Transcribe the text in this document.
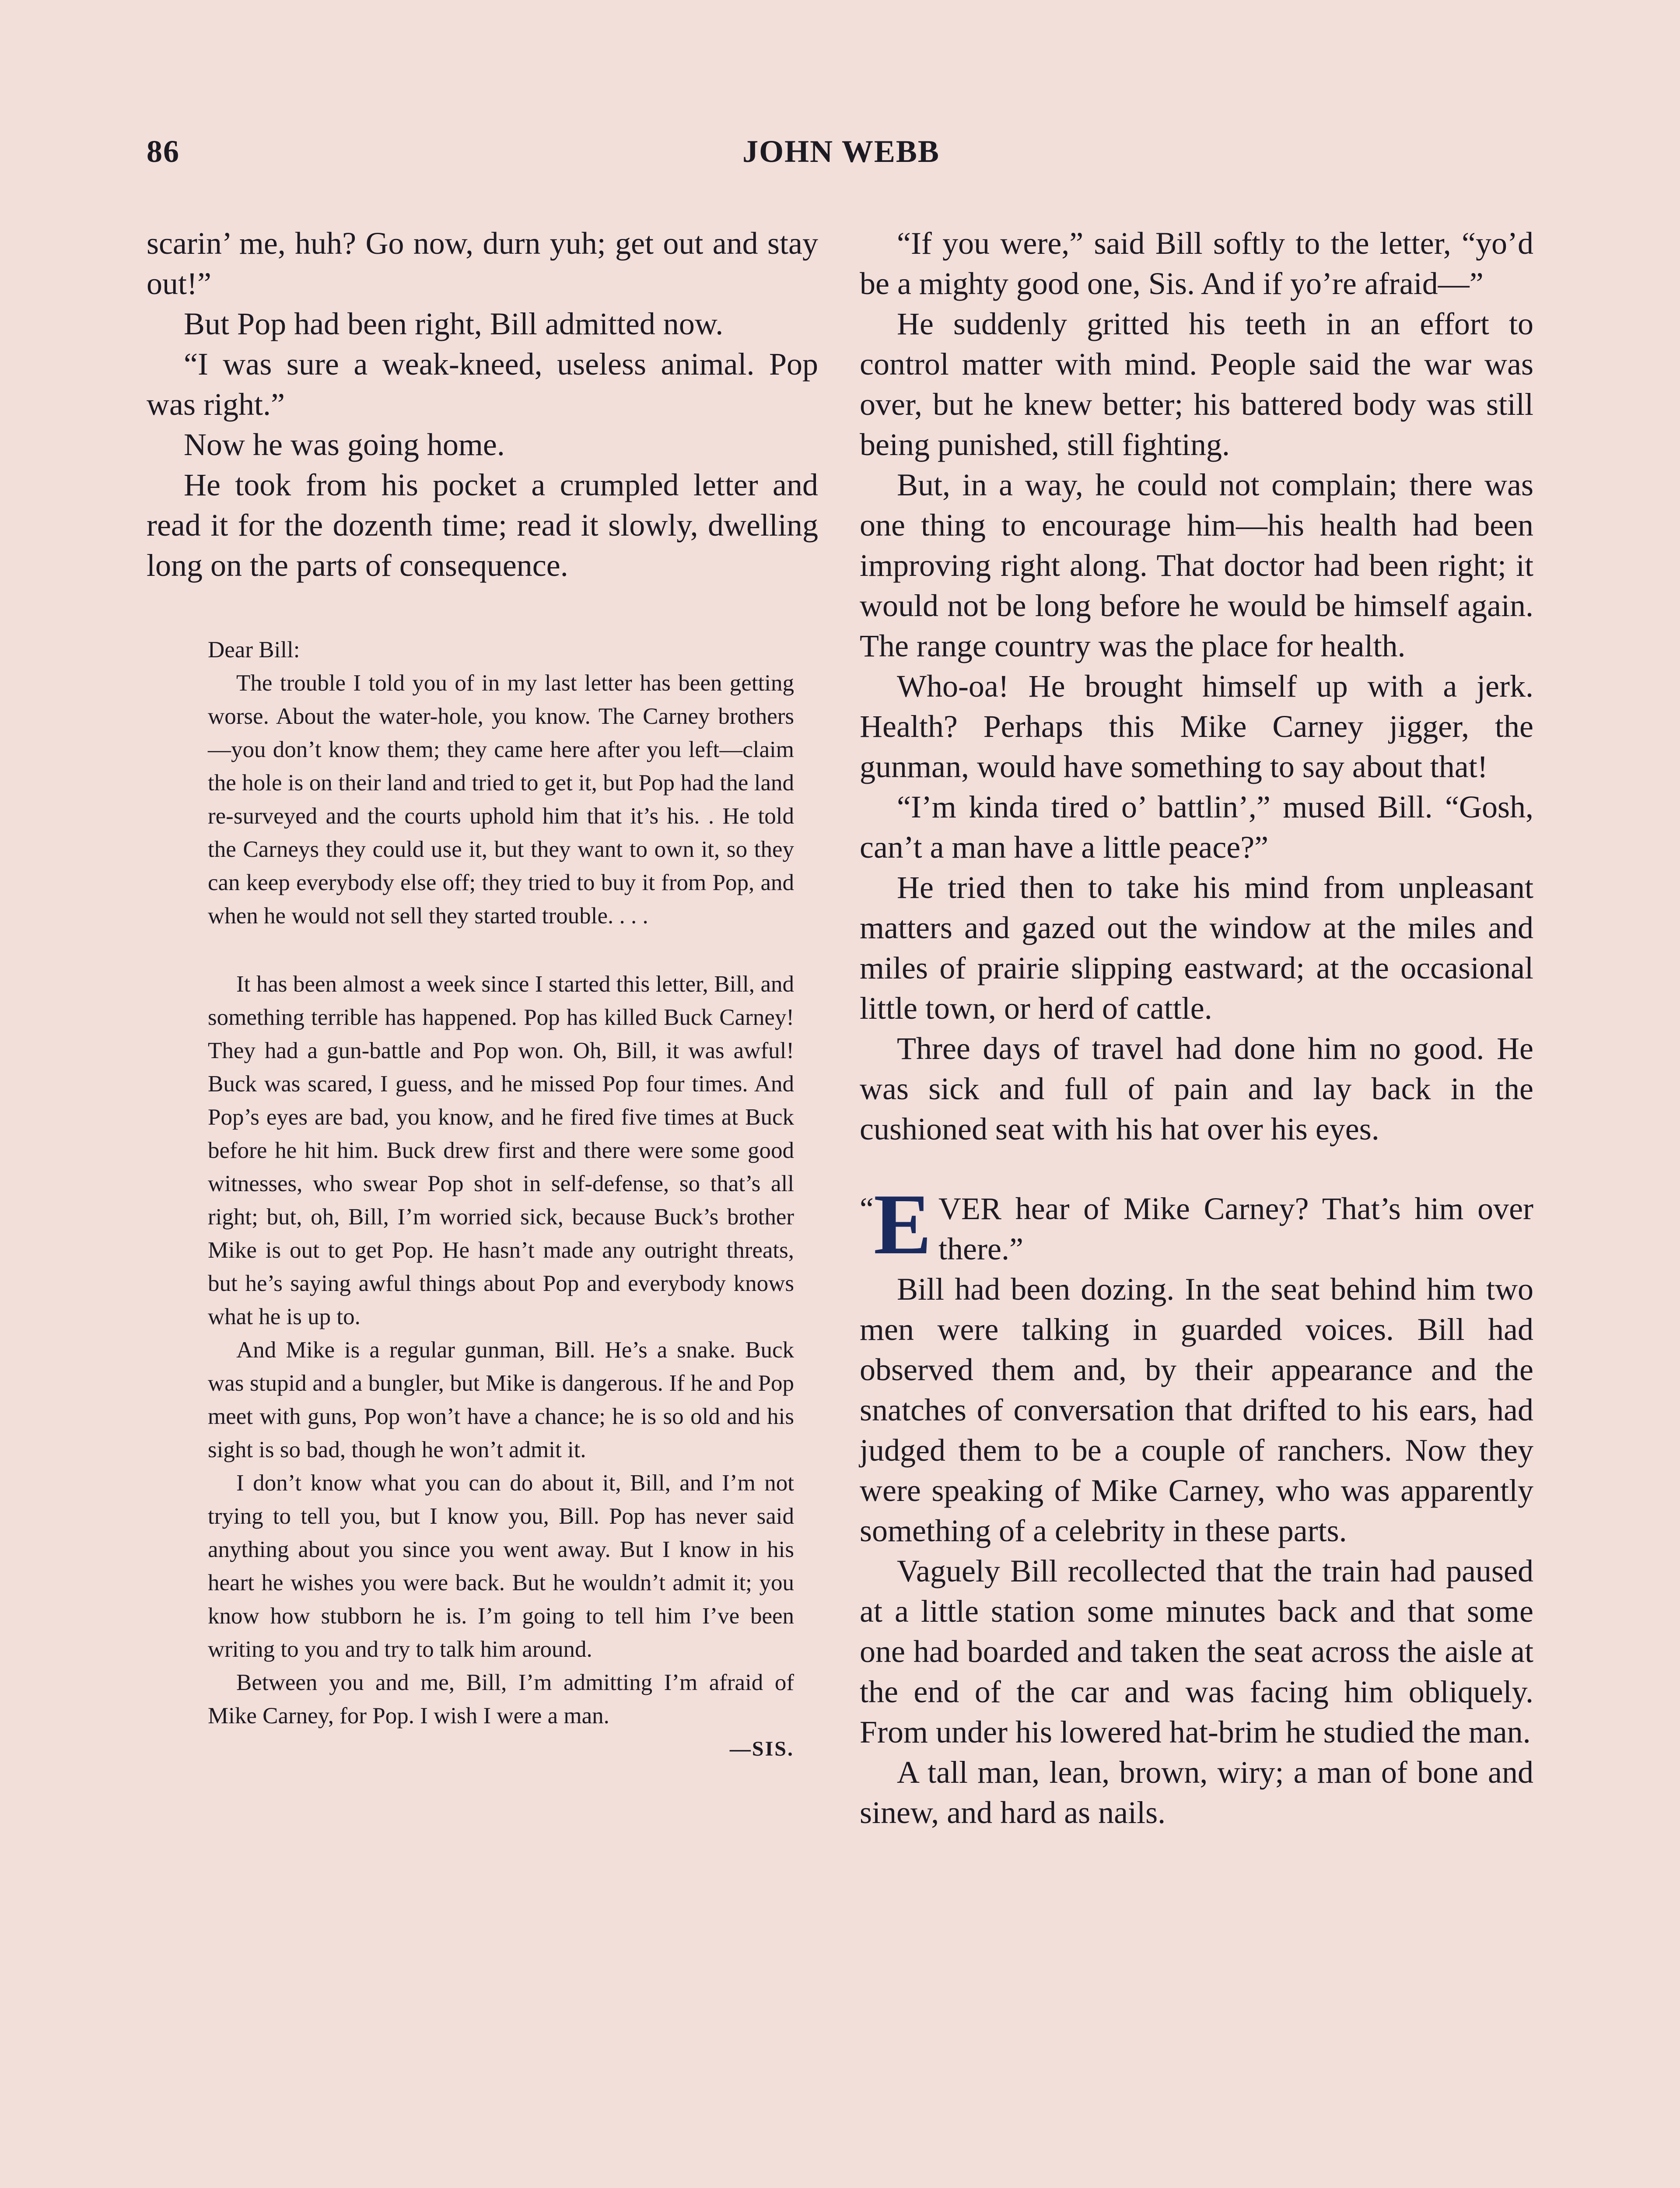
86	JOHN WEBB

scarin’ me, huh? Go now, durn yuh; get out and stay out!”

But Pop had been right, Bill admitted now.

“I was sure a weak-kneed, useless animal. Pop was right.”

Now he was going home.

He took from his pocket a crumpled letter and read it for the dozenth time; read it slowly, dwelling long on the parts of consequence.

Dear Bill:

The trouble I told you of in my last letter has been getting worse. About the water-hole, you know. The Carney brothers—you don’t know them; they came here after you left—claim the hole is on their land and tried to get it, but Pop had the land re-surveyed and the courts uphold him that it’s his. . He told the Carneys they could use it, but they want to own it, so they can keep everybody else off; they tried to buy it from Pop, and when he would not sell they started trouble. . . .

It has been almost a week since I started this letter, Bill, and something terrible has happened. Pop has killed Buck Carney! They had a gun-battle and Pop won. Oh, Bill, it was awful! Buck was scared, I guess, and he missed Pop four times. And Pop’s eyes are bad, you know, and he fired five times at Buck before he hit him. Buck drew first and there were some good witnesses, who swear Pop shot in self-defense, so that’s all right; but, oh, Bill, I’m worried sick, because Buck’s brother Mike is out to get Pop. He hasn’t made any outright threats, but he’s saying awful things about Pop and everybody knows what he is up to.

And Mike is a regular gunman, Bill. He’s a snake. Buck was stupid and a bungler, but Mike is dangerous. If he and Pop meet with guns, Pop won’t have a chance; he is so old and his sight is so bad, though he won’t admit it.

I don’t know what you can do about it, Bill, and I’m not trying to tell you, but I know you, Bill. Pop has never said anything about you since you went away. But I know in his heart he wishes you were back. But he wouldn’t admit it; you know how stubborn he is. I’m going to tell him I’ve been writing to you and try to talk him around.

Between you and me, Bill, I’m admitting I’m afraid of Mike Carney, for Pop. I wish I were a man.

—SIS.

“If you were,” said Bill softly to the letter, “yo’d be a mighty good one, Sis. And if yo’re afraid—”

He suddenly gritted his teeth in an effort to control matter with mind. People said the war was over, but he knew better; his battered body was still being punished, still fighting.

But, in a way, he could not complain; there was one thing to encourage him—his health had been improving right along. That doctor had been right; it would not be long before he would be himself again. The range country was the place for health.

Who-oa! He brought himself up with a jerk. Health? Perhaps this Mike Carney jigger, the gunman, would have something to say about that!

“I’m kinda tired o’ battlin’,” mused Bill. “Gosh, can’t a man have a little peace?”

He tried then to take his mind from unpleasant matters and gazed out the window at the miles and miles of prairie slipping eastward; at the occasional little town, or herd of cattle.

Three days of travel had done him no good. He was sick and full of pain and lay back in the cushioned seat with his hat over his eyes.

“ E VER hear of Mike Carney? That’s him over there.”

Bill had been dozing. In the seat behind him two men were talking in guarded voices. Bill had observed them and, by their appearance and the snatches of conversation that drifted to his ears, had judged them to be a couple of ranchers. Now they were speaking of Mike Carney, who was apparently something of a celebrity in these parts.

Vaguely Bill recollected that the train had paused at a little station some minutes back and that some one had boarded and taken the seat across the aisle at the end of the car and was facing him obliquely. From under his lowered hat-brim he studied the man.

A tall man, lean, brown, wiry; a man of bone and sinew, and hard as nails.
